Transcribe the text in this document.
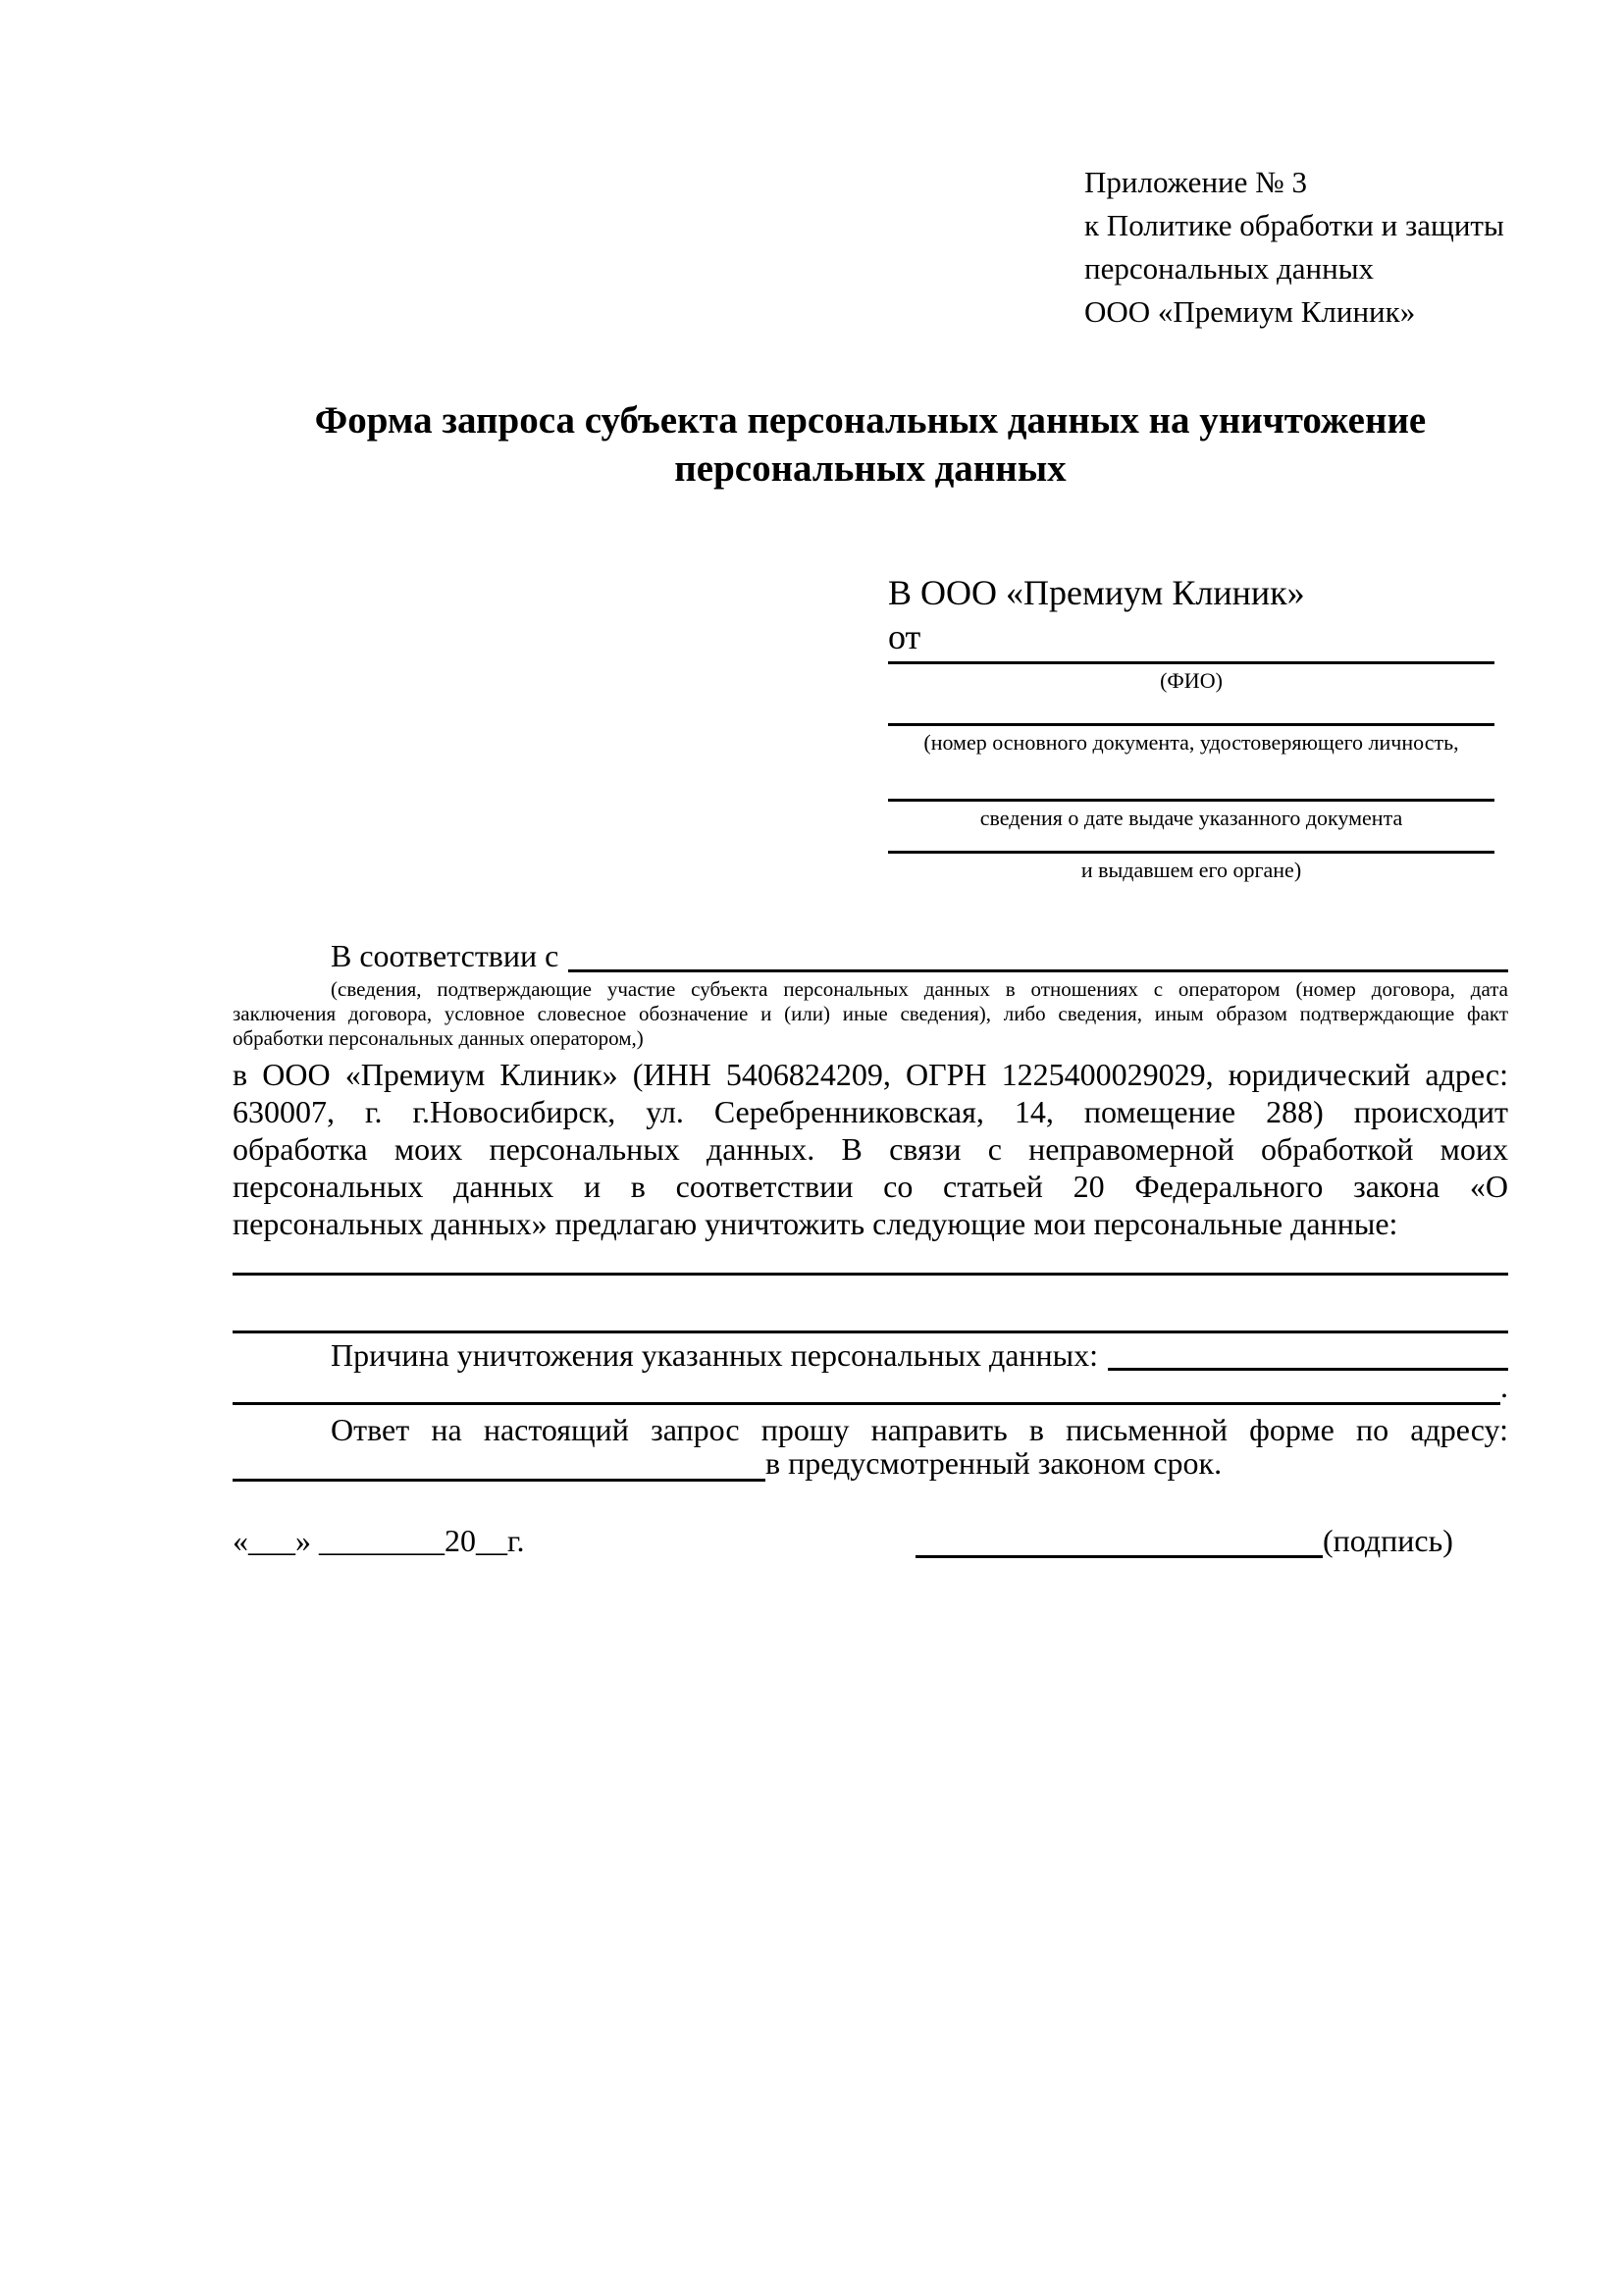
Приложение № 3
к Политике обработки и защиты
персональных данных
ООО «Премиум Клиник»
Форма запроса субъекта персональных данных на уничтожение
персональных данных
В ООО «Премиум Клиник»
от
(ФИО)
(номер основного документа, удостоверяющего личность,
сведения о дате выдаче указанного документа
и выдавшем его органе)
В соответствии с
(сведения, подтверждающие участие субъекта персональных данных в отношениях с оператором (номер договора, дата
заключения договора, условное словесное обозначение и (или) иные сведения), либо сведения, иным образом подтверждающие факт
обработки персональных данных оператором,)
в ООО «Премиум Клиник» (ИНН 5406824209, ОГРН 1225400029029, юридический адрес:
630007, г. г.Новосибирск, ул. Серебренниковская, 14, помещение 288) происходит
обработка моих персональных данных. В связи с неправомерной обработкой моих
персональных данных и в соответствии со статьей 20 Федерального закона «О
персональных данных» предлагаю уничтожить следующие мои персональные данные:
Причина уничтожения указанных персональных данных:
.
Ответ на настоящий запрос прошу направить в письменной форме по адресу:
в предусмотренный законом срок.
«___» ________20__г.	(подпись)
